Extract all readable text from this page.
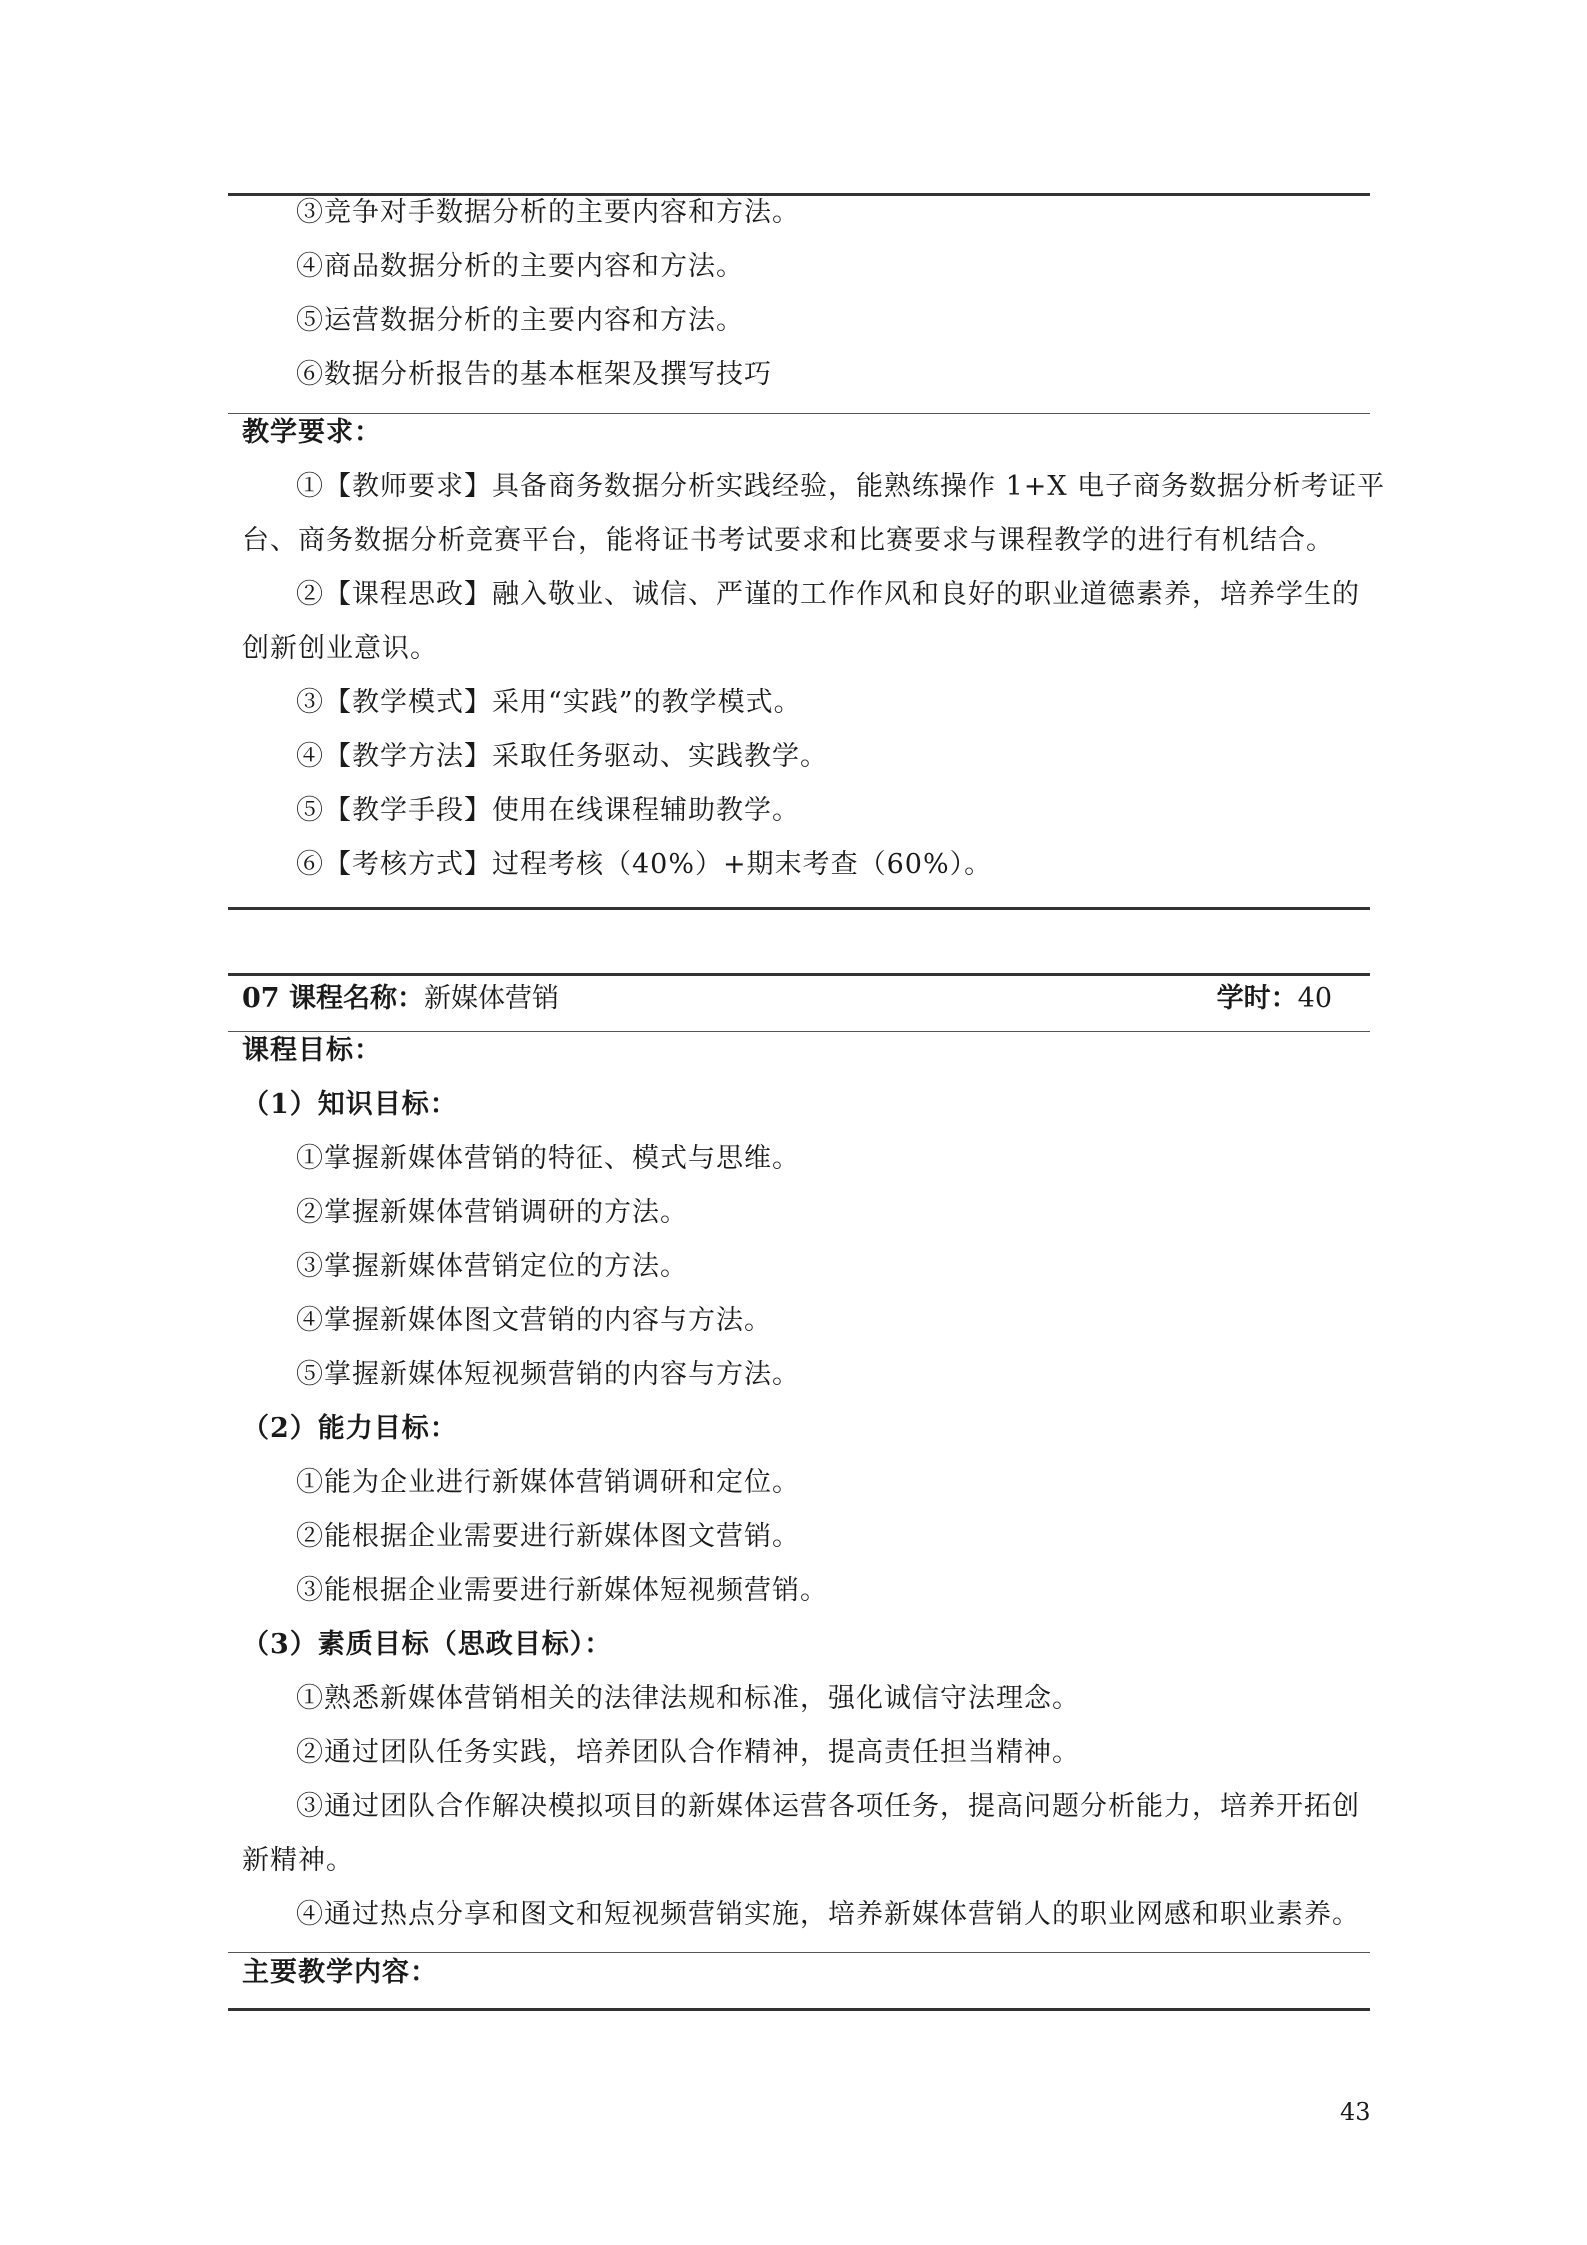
③竞争对手数据分析的主要内容和方法。
④商品数据分析的主要内容和方法。
⑤运营数据分析的主要内容和方法。
⑥数据分析报告的基本框架及撰写技巧
教学要求：
①【教师要求】具备商务数据分析实践经验，能熟练操作 1+X 电子商务数据分析考证平
台、商务数据分析竞赛平台，能将证书考试要求和比赛要求与课程教学的进行有机结合。
②【课程思政】融入敬业、诚信、严谨的工作作风和良好的职业道德素养，培养学生的
创新创业意识。
③【教学模式】采用“实践”的教学模式。
④【教学方法】采取任务驱动、实践教学。
⑤【教学手段】使用在线课程辅助教学。
⑥【考核方式】过程考核（40%）+期末考查（60%）。
07 课程名称：新媒体营销	学时：40
课程目标：
（1）知识目标：
①掌握新媒体营销的特征、模式与思维。
②掌握新媒体营销调研的方法。
③掌握新媒体营销定位的方法。
④掌握新媒体图文营销的内容与方法。
⑤掌握新媒体短视频营销的内容与方法。
（2）能力目标：
①能为企业进行新媒体营销调研和定位。
②能根据企业需要进行新媒体图文营销。
③能根据企业需要进行新媒体短视频营销。
（3）素质目标（思政目标）：
①熟悉新媒体营销相关的法律法规和标准，强化诚信守法理念。
②通过团队任务实践，培养团队合作精神，提高责任担当精神。
③通过团队合作解决模拟项目的新媒体运营各项任务，提高问题分析能力，培养开拓创
新精神。
④通过热点分享和图文和短视频营销实施，培养新媒体营销人的职业网感和职业素养。
主要教学内容：
43
